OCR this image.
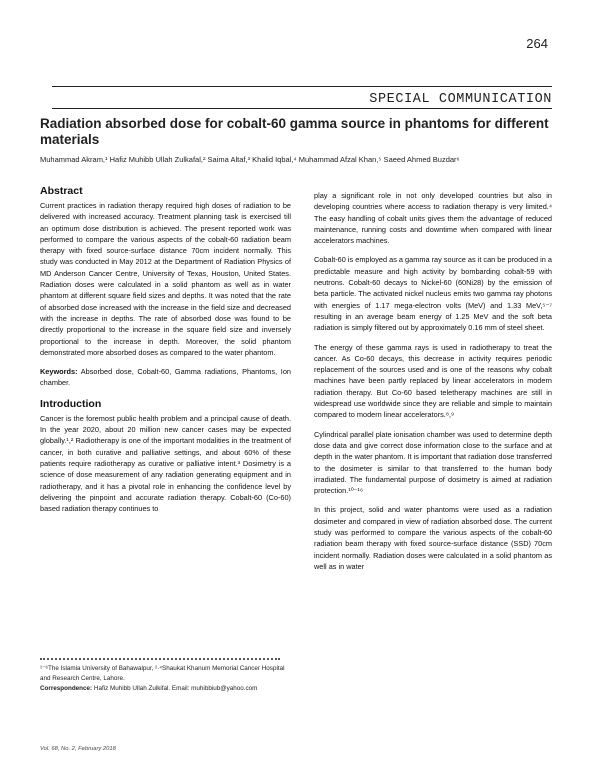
264
SPECIAL COMMUNICATION
Radiation absorbed dose for cobalt-60 gamma source in phantoms for different materials
Muhammad Akram,¹ Hafiz Muhibb Ullah Zulkafal,² Saima Altaf,³ Khalid Iqbal,⁴ Muhammad Afzal Khan,⁵ Saeed Ahmed Buzdar⁶
Abstract

Current practices in radiation therapy required high doses of radiation to be delivered with increased accuracy. Treatment planning task is exercised till an optimum dose distribution is achieved. The present reported work was performed to compare the various aspects of the cobalt-60 radiation beam therapy with fixed source-surface distance 70cm incident normally. This study was conducted in May 2012 at the Department of Radiation Physics of MD Anderson Cancer Centre, University of Texas, Houston, United States. Radiation doses were calculated in a solid phantom as well as in water phantom at different square field sizes and depths. It was noted that the rate of absorbed dose increased with the increase in the field size and decreased with the increase in depths. The rate of absorbed dose was found to be directly proportional to the increase in the square field size and inversely proportional to the increase in depth. Moreover, the solid phantom demonstrated more absorbed doses as compared to the water phantom.

Keywords: Absorbed dose, Cobalt-60, Gamma radiations, Phantoms, Ion chamber.

Introduction

Cancer is the foremost public health problem and a principal cause of death. In the year 2020, about 20 million new cancer cases may be expected globally.¹,² Radiotherapy is one of the important modalities in the treatment of cancer, in both curative and palliative settings, and about 60% of these patients require radiotherapy as curative or palliative intent.³ Dosimetry is a science of dose measurement of any radiation generating equipment and in radiotherapy, and it has a pivotal role in enhancing the confidence level by delivering the pinpoint and accurate radiation therapy. Cobalt-60 (Co-60) based radiation therapy continues to

play a significant role in not only developed countries but also in developing countries where access to radiation therapy is very limited.⁴ The easy handling of cobalt units gives them the advantage of reduced maintenance, running costs and downtime when compared with linear accelerators machines.

Cobalt-60 is employed as a gamma ray source as it can be produced in a predictable measure and high activity by bombarding cobalt-59 with neutrons. Cobalt-60 decays to Nickel-60 (60Ni28) by the emission of beta particle. The activated nickel nucleus emits two gamma ray photons with energies of 1.17 mega-electron volts (MeV) and 1.33 MeV,⁵⁻⁷ resulting in an average beam energy of 1.25 MeV and the soft beta radiation is simply filtered out by approximately 0.16 mm of steel sheet.

The energy of these gamma rays is used in radiotherapy to treat the cancer. As Co-60 decays, this decrease in activity requires periodic replacement of the sources used and is one of the reasons why cobalt machines have been partly replaced by linear accelerators in modern radiation therapy. But Co-60 based teletherapy machines are still in widespread use worldwide since they are reliable and simple to maintain compared to modern linear accelerators.⁸,⁹

Cylindrical parallel plate ionisation chamber was used to determine depth dose data and give correct dose information close to the surface and at depth in the water phantom. It is important that radiation dose transferred to the dosimeter is similar to that transferred to the human body irradiated. The fundamental purpose of dosimetry is aimed at radiation protection.¹⁰⁻¹⁶

In this project, solid and water phantoms were used as a radiation dosimeter and compared in view of radiation absorbed dose. The current study was performed to compare the various aspects of the cobalt-60 radiation beam therapy with fixed source-surface distance (SSD) 70cm incident normally. Radiation doses were calculated in a solid phantom as well as in water

¹⁻⁶The Islamia University of Bahawalpur, ²·⁴Shaukat Khanum Memorial Cancer Hospital and Research Centre, Lahore.
Correspondence: Hafiz Muhibb Ullah Zulkifal. Email: muhibbiub@yahoo.com
Vol. 68, No. 2, February 2018
